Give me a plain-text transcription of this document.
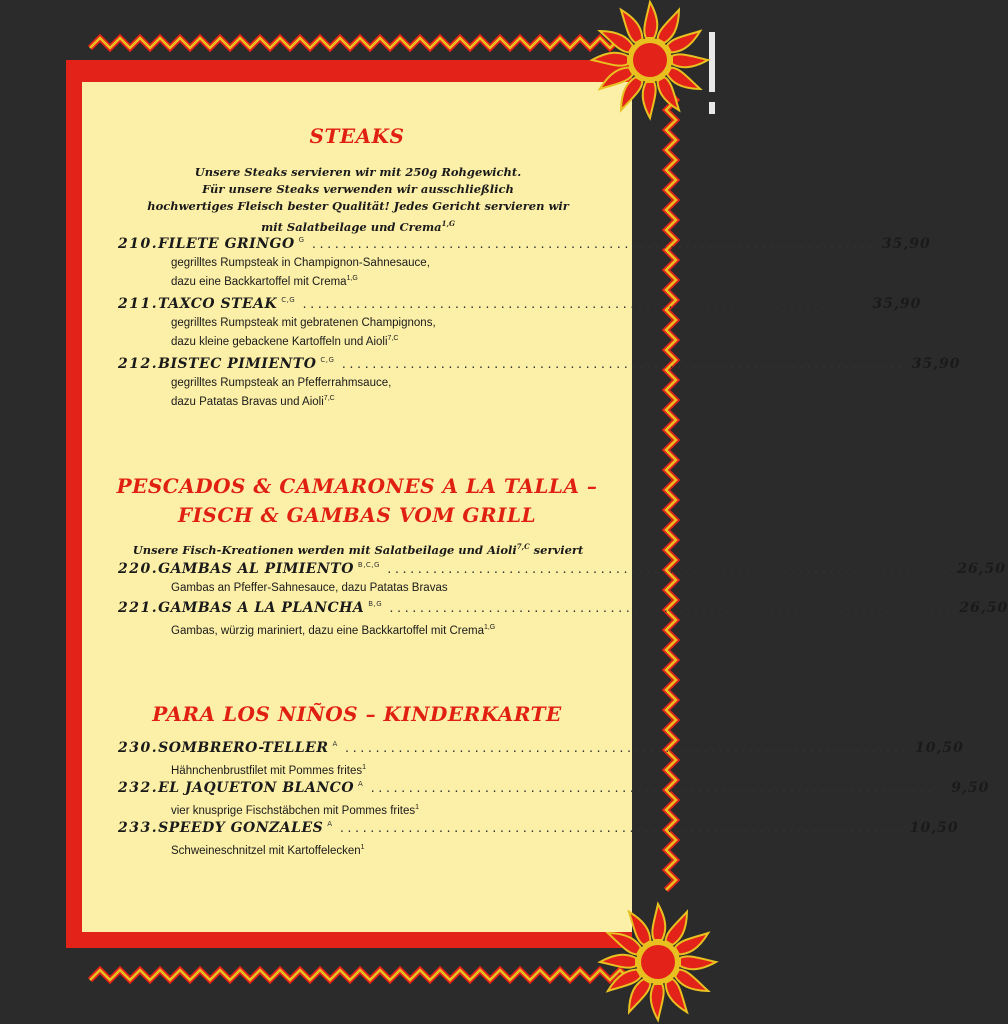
STEAKS
Unsere Steaks servieren wir mit 250g Rohgewicht.
Für unsere Steaks verwenden wir ausschließlich
hochwertiges Fleisch bester Qualität! Jedes Gericht servieren wir
mit Salatbeilage und Crema$^{1,G}$
210. FILETE GRINGO $^G$ .......................................................................... 35,90
gegrilltes Rumpsteak in Champignon-Sahnesauce,
dazu eine Backkartoffel mit Crema$^{1,G}$
211. TAXCO STEAK $^{C,G}$ .......................................................................... 35,90
gegrilltes Rumpsteak mit gebratenen Champignons,
dazu kleine gebackene Kartoffeln und Aioli$^{7,C}$
212. BISTEC PIMIENTO $^{C,G}$ .......................................................................... 35,90
gegrilltes Rumpsteak an Pfefferrahmsauce,
dazu Patatas Bravas und Aioli$^{7,C}$
PESCADOS & CAMARONES A LA TALLA –
FISCH & GAMBAS VOM GRILL
Unsere Fisch-Kreationen werden mit Salatbeilage und Aioli$^{7,C}$ serviert
220. GAMBAS AL PIMIENTO $^{B,C,G}$ .......................................................................... 26,50
Gambas an Pfeffer-Sahnesauce, dazu Patatas Bravas
221. GAMBAS A LA PLANCHA $^{B,G}$ .......................................................................... 26,50
Gambas, würzig mariniert, dazu eine Backkartoffel mit Crema$^{1,G}$
PARA LOS NIÑOS – KINDERKARTE
230. SOMBRERO-TELLER $^A$ .......................................................................... 10,50
Hähnchenbrustfilet mit Pommes frites$^1$
232. EL JAQUETON BLANCO $^A$ ..........................................................................	9,50
vier knusprige Fischstäbchen mit Pommes frites$^1$
233. SPEEDY GONZALES $^A$ .......................................................................... 10,50
Schweineschnitzel mit Kartoffelecken$^1$
